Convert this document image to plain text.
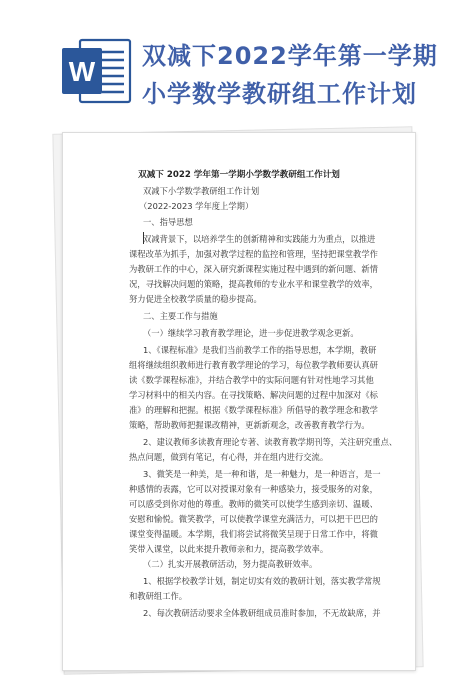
W 双减下2022学年第一学期
小学数学教研组工作计划
双减下 2022 学年第一学期小学数学教研组工作计划
双减下小学数学教研组工作计划
（2022-2023 学年度上学期）
一、指导思想
双减背景下，以培养学生的创新精神和实践能力为重点，以推进
课程改革为抓手，加强对教学过程的监控和管理，坚持把课堂教学作
为教研工作的中心，深入研究新课程实施过程中遇到的新问题、新情
况，寻找解决问题的策略，提高教师的专业水平和课堂教学的效率，
努力促进全校教学质量的稳步提高。
二、主要工作与措施
（一）继续学习教育教学理论，进一步促进教学观念更新。
1、《课程标准》是我们当前教学工作的指导思想，本学期，教研
组将继续组织教师进行教育教学理论的学习，每位教学教师要认真研
读《数学课程标准》，并结合教学中的实际问题有针对性地学习其他
学习材料中的相关内容。在寻找策略、解决问题的过程中加深对《标
准》的理解和把握。根据《数学课程标准》所倡导的教学理念和教学
策略，帮助教师把握课改精神，更新新观念，改善教育教学行为。
2、建议教师多读教育理论专著、读教育教学期刊等，关注研究重点、
热点问题，做到有笔记，有心得，并在组内进行交流。
3、微笑是一种美，是一种和谐，是一种魅力，是一种语言，是一
种感情的表露，它可以对授课对象有一种感染力，接受服务的对象，
可以感受到你对他的尊重。教师的微笑可以使学生感到亲切、温暖、
安慰和愉悦。微笑教学，可以使教学课堂充满活力，可以把干巴巴的
课堂变得温暖。本学期，我们将尝试将微笑呈现于日常工作中，将微
笑带入课堂，以此来提升教师亲和力，提高教学效率。
（二）扎实开展教研活动，努力提高教研效率。
1、根据学校教学计划，制定切实有效的教研计划，落实教学常规
和教研组工作。
2、每次教研活动要求全体教研组成员准时参加，不无故缺席，并
